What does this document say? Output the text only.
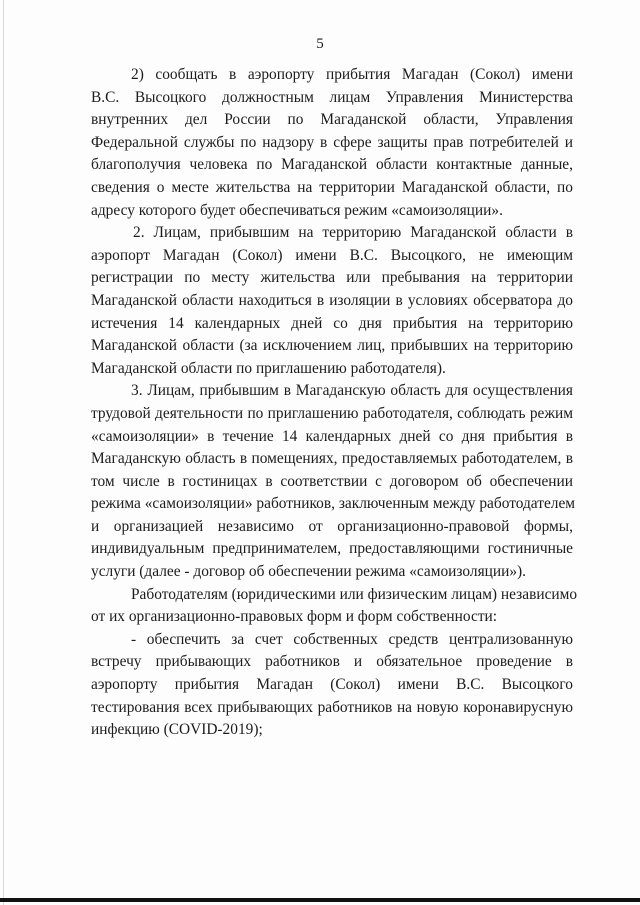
5
2) сообщать в аэропорту прибытия Магадан (Сокол) имени
В.С. Высоцкого должностным лицам Управления Министерства
внутренних дел России по Магаданской области, Управления
Федеральной службы по надзору в сфере защиты прав потребителей и
благополучия человека по Магаданской области контактные данные,
сведения о месте жительства на территории Магаданской области, по
адресу которого будет обеспечиваться режим «самоизоляции».
2. Лицам, прибывшим на территорию Магаданской области в
аэропорт Магадан (Сокол) имени В.С. Высоцкого, не имеющим
регистрации по месту жительства или пребывания на территории
Магаданской области находиться в изоляции в условиях обсерватора до
истечения 14 календарных дней со дня прибытия на территорию
Магаданской области (за исключением лиц, прибывших на территорию
Магаданской области по приглашению работодателя).
3. Лицам, прибывшим в Магаданскую область для осуществления
трудовой деятельности по приглашению работодателя, соблюдать режим
«самоизоляции» в течение 14 календарных дней со дня прибытия в
Магаданскую область в помещениях, предоставляемых работодателем, в
том числе в гостиницах в соответствии с договором об обеспечении
режима «самоизоляции» работников, заключенным между работодателем
и организацией независимо от организационно-правовой формы,
индивидуальным предпринимателем, предоставляющими гостиничные
услуги (далее - договор об обеспечении режима «самоизоляции»).
Работодателям (юридическими или физическим лицам) независимо
от их организационно-правовых форм и форм собственности:
- обеспечить за счет собственных средств централизованную
встречу прибывающих работников и обязательное проведение в
аэропорту прибытия Магадан (Сокол) имени В.С. Высоцкого
тестирования всех прибывающих работников на новую коронавирусную
инфекцию (COVID-2019);
